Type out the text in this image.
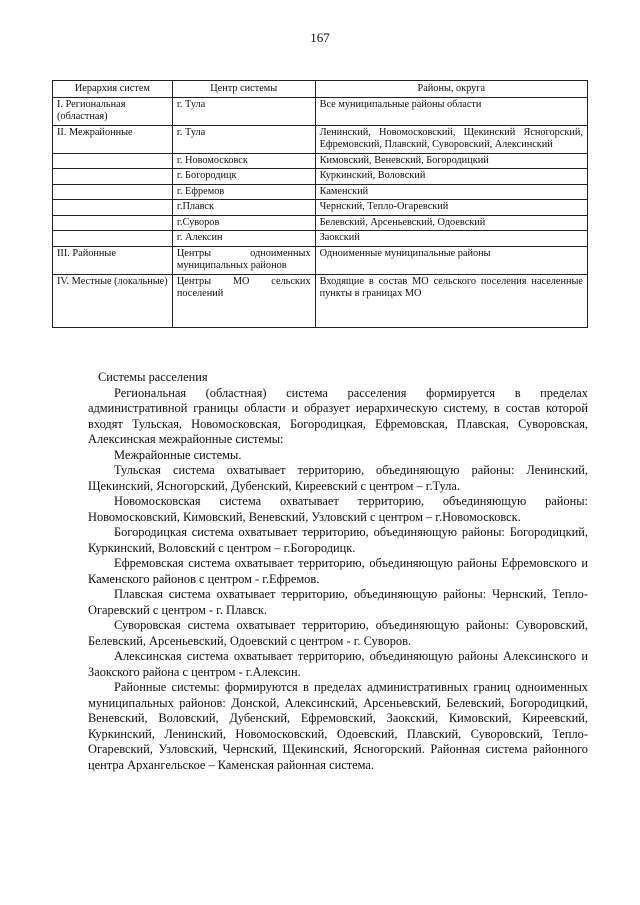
167
Иерархия систем	Центр системы	Районы, округа
I. Региональная (областная)	г. Тула	Все муниципальные районы области
II. Межрайонные	г. Тула	Ленинский, Новомосковский, Щекинский Ясногорский, Ефремовский, Плавский, Суворовский, Алексинский
	г. Новомосковск	Кимовский, Веневский, Богородицкий
	г. Богородицк	Куркинский, Воловский
	г. Ефремов	Каменский
	г.Плавск	Чернский, Тепло-Огаревский
	г.Суворов	Белевский, Арсеньевский, Одоевский
	г. Алексин	Заокский
III. Районные	Центры одноименных муниципальных районов	Одноименные муниципальные районы
IV. Местные (локальные)	Центры МО сельских поселений	Входящие в состав МО сельского поселения населенные пункты в границах МО

Системы расселения

Региональная (областная) система расселения формируется в пределах административной границы области и образует иерархическую систему, в состав которой входят Тульская, Новомосковская, Богородицкая, Ефремовская, Плавская, Суворовская, Алексинская межрайонные системы:

Межрайонные системы.

Тульская система охватывает территорию, объединяющую районы: Ленинский, Щекинский, Ясногорский, Дубенский, Киреевский с центром – г.Тула.

Новомосковская система охватывает территорию, объединяющую районы: Новомосковский, Кимовский, Веневский, Узловский с центром – г.Новомосковск.

Богородицкая система охватывает территорию, объединяющую районы: Богородицкий, Куркинский, Воловский с центром – г.Богородицк.

Ефремовская система охватывает территорию, объединяющую районы Ефремовского и Каменского районов с центром - г.Ефремов.

Плавская система охватывает территорию, объединяющую районы: Чернский, Тепло-Огаревский с центром - г. Плавск.

Суворовская система охватывает территорию, объединяющую районы: Суворовский, Белевский, Арсеньевский, Одоевский с центром - г. Суворов.

Алексинская система охватывает территорию, объединяющую районы Алексинского и Заокского района с центром - г.Алексин.

Районные системы: формируются в пределах административных границ одноименных муниципальных районов: Донской, Алексинский, Арсеньевский, Белевский, Богородицкий, Веневский, Воловский, Дубенский, Ефремовский, Заокский, Кимовский, Киреевский, Куркинский, Ленинский, Новомосковский, Одоевский, Плавский, Суворовский, Тепло-Огаревский, Узловский, Чернский, Щекинский, Ясногорский. Районная система районного центра Архангельское – Каменская районная система.
